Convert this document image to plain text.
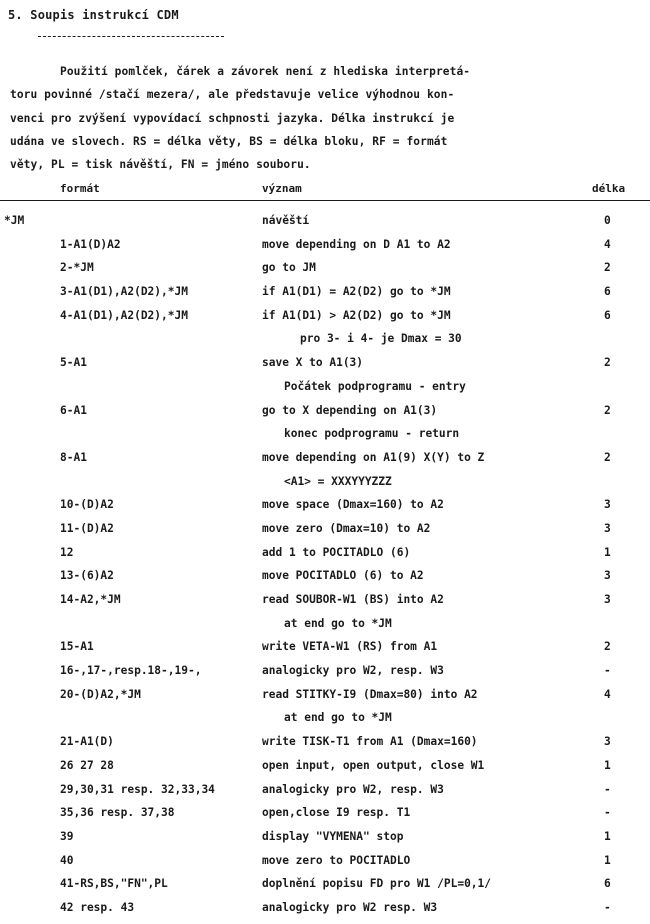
5. Soupis instrukcí CDM
Použití pomlček, čárek a závorek není z hlediska interpretá-
toru povinné /stačí mezera/, ale představuje velice výhodnou kon-
venci pro zvýšení vypovídací schpnosti jazyka. Délka instrukcí je
udána ve slovech. RS = délka věty, BS = délka bloku, RF = formát
věty, PL = tisk návěští, FN = jméno souboru.
formát	význam	délka
*JM	návěští	0
1-A1(D)A2	move depending on D A1 to A2	4
2-*JM	go to JM	2
3-A1(D1),A2(D2),*JM	if A1(D1) = A2(D2) go to *JM	6
4-A1(D1),A2(D2),*JM	if A1(D1) > A2(D2) go to *JM	6
pro 3- i 4- je Dmax = 30
5-A1	save X to A1(3)	2
Počátek podprogramu - entry
6-A1	go to X depending on A1(3)	2
konec podprogramu - return
8-A1	move depending on A1(9) X(Y) to Z	2
<A1> = XXXYYYZZZ
10-(D)A2	move space (Dmax=160) to A2	3
11-(D)A2	move zero (Dmax=10) to A2	3
12	add 1 to POCITADLO (6)	1
13-(6)A2	move POCITADLO (6) to A2	3
14-A2,*JM	read SOUBOR-W1 (BS) into A2	3
at end go to *JM
15-A1	write VETA-W1 (RS) from A1	2
16-,17-,resp.18-,19-,	analogicky pro W2, resp. W3	-
20-(D)A2,*JM	read STITKY-I9 (Dmax=80) into A2	4
at end go to *JM
21-A1(D)	write TISK-T1 from A1 (Dmax=160)	3
26 27 28	open input, open output, close W1	1
29,30,31 resp. 32,33,34	analogicky pro W2, resp. W3	-
35,36 resp. 37,38	open,close I9 resp. T1	-
39	display "VYMENA" stop	1
40	move zero to POCITADLO	1
41-RS,BS,"FN",PL	doplnění popisu FD pro W1 /PL=0,1/	6
42 resp. 43	analogicky pro W2 resp. W3	-
